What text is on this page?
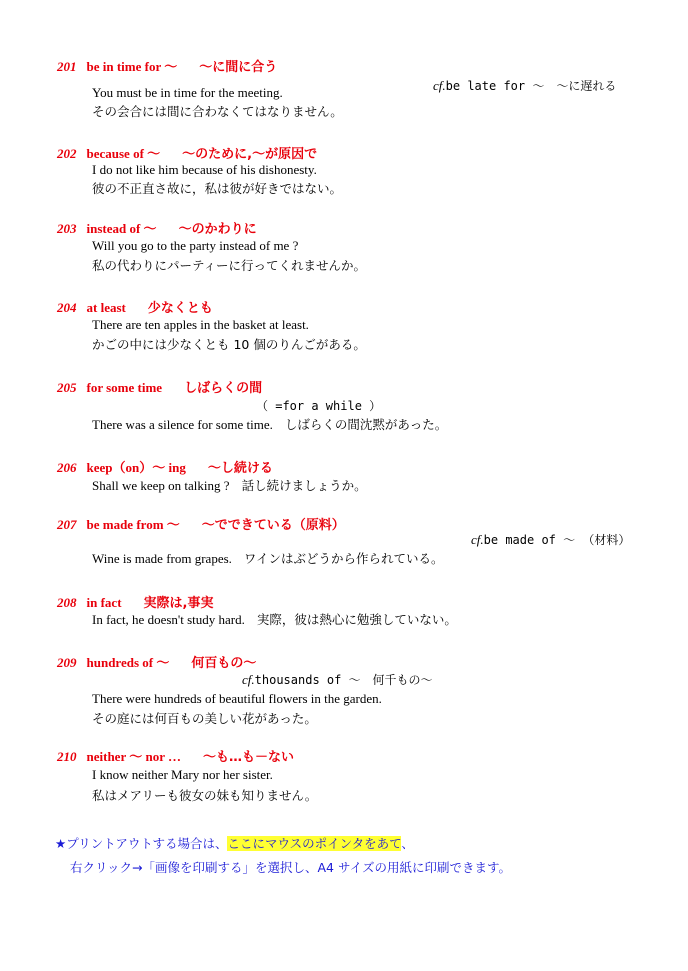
201 be in time for 〜 〜に間に合う
cf.be late for 〜　〜に遅れる
You must be in time for the meeting.
その会合には間に合わなくてはなりません。
202 because of 〜 〜のために,〜が原因で
I do not like him because of his dishonesty.
彼の不正直さ故に，私は彼が好きではない。
203 instead of 〜 〜のかわりに
Will you go to the party instead of me ?
私の代わりにパーティーに行ってくれませんか。
204 at least 少なくとも
There are ten apples in the basket at least.
かごの中には少なくとも 10 個のりんごがある。
205 for some time しばらくの間
（ =for a while ）
There was a silence for some time. しばらくの間沈黙があった。
206 keep（on）〜 ing 〜し続ける
Shall we keep on talking ? 話し続けましょうか。
207 be made from 〜 〜でできている（原料）
cf.be made of 〜 （材料）
Wine is made from grapes. ワインはぶどうから作られている。
208 in fact 実際は,事実
In fact, he doesn't study hard. 実際，彼は熱心に勉強していない。
209 hundreds of 〜 何百もの〜
cf.thousands of 〜　何千もの〜
There were hundreds of beautiful flowers in the garden.
その庭には何百もの美しい花があった。
210 neither 〜 nor … 〜も…も－ない
I know neither Mary nor her sister.
私はメアリーも彼女の妹も知りません。
★プリントアウトする場合は、ここにマウスのポインタをあて、
右クリック→「画像を印刷する」を選択し、A4 サイズの用紙に印刷できます。
